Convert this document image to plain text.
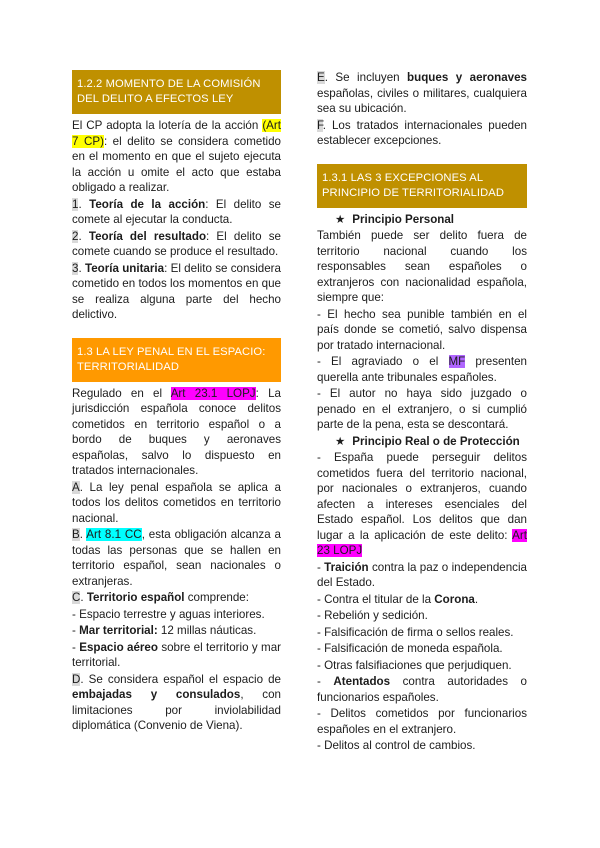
1.2.2 MOMENTO DE LA COMISIÓN DEL DELITO A EFECTOS LEY

El CP adopta la lotería de la acción (Art 7 CP): el delito se considera cometido en el momento en que el sujeto ejecuta la acción u omite el acto que estaba obligado a realizar.

1. Teoría de la acción: El delito se comete al ejecutar la conducta.

2. Teoría del resultado: El delito se comete cuando se produce el resultado.

3. Teoría unitaria: El delito se considera cometido en todos los momentos en que se realiza alguna parte del hecho delictivo.

1.3 LA LEY PENAL EN EL ESPACIO: TERRITORIALIDAD

Regulado en el Art 23.1 LOPJ: La jurisdicción española conoce delitos cometidos en territorio español o a bordo de buques y aeronaves españolas, salvo lo dispuesto en tratados internacionales.

A. La ley penal española se aplica a todos los delitos cometidos en territorio nacional.

B. Art 8.1 CC, esta obligación alcanza a todas las personas que se hallen en territorio español, sean nacionales o extranjeras.

C. Territorio español comprende:

- Espacio terrestre y aguas interiores.

- Mar territorial: 12 millas náuticas.

- Espacio aéreo sobre el territorio y mar territorial.

D. Se considera español el espacio de embajadas y consulados, con limitaciones por inviolabilidad diplomática (Convenio de Viena).

E. Se incluyen buques y aeronaves españolas, civiles o militares, cualquiera sea su ubicación.

F. Los tratados internacionales pueden establecer excepciones.

1.3.1 LAS 3 EXCEPCIONES AL PRINCIPIO DE TERRITORIALIDAD

★ Principio Personal

También puede ser delito fuera de territorio nacional cuando los responsables sean españoles o extranjeros con nacionalidad española, siempre que:

- El hecho sea punible también en el país donde se cometió, salvo dispensa por tratado internacional.

- El agraviado o el MF presenten querella ante tribunales españoles.

- El autor no haya sido juzgado o penado en el extranjero, o si cumplió parte de la pena, esta se descontará.

★ Principio Real o de Protección

- España puede perseguir delitos cometidos fuera del territorio nacional, por nacionales o extranjeros, cuando afecten a intereses esenciales del Estado español. Los delitos que dan lugar a la aplicación de este delito: Art 23 LOPJ

- Traición contra la paz o independencia del Estado.

- Contra el titular de la Corona.

- Rebelión y sedición.

- Falsificación de firma o sellos reales.

- Falsificación de moneda española.

- Otras falsifiaciones que perjudiquen.

- Atentados contra autoridades o funcionarios españoles.

- Delitos cometidos por funcionarios españoles en el extranjero.

- Delitos al control de cambios.
